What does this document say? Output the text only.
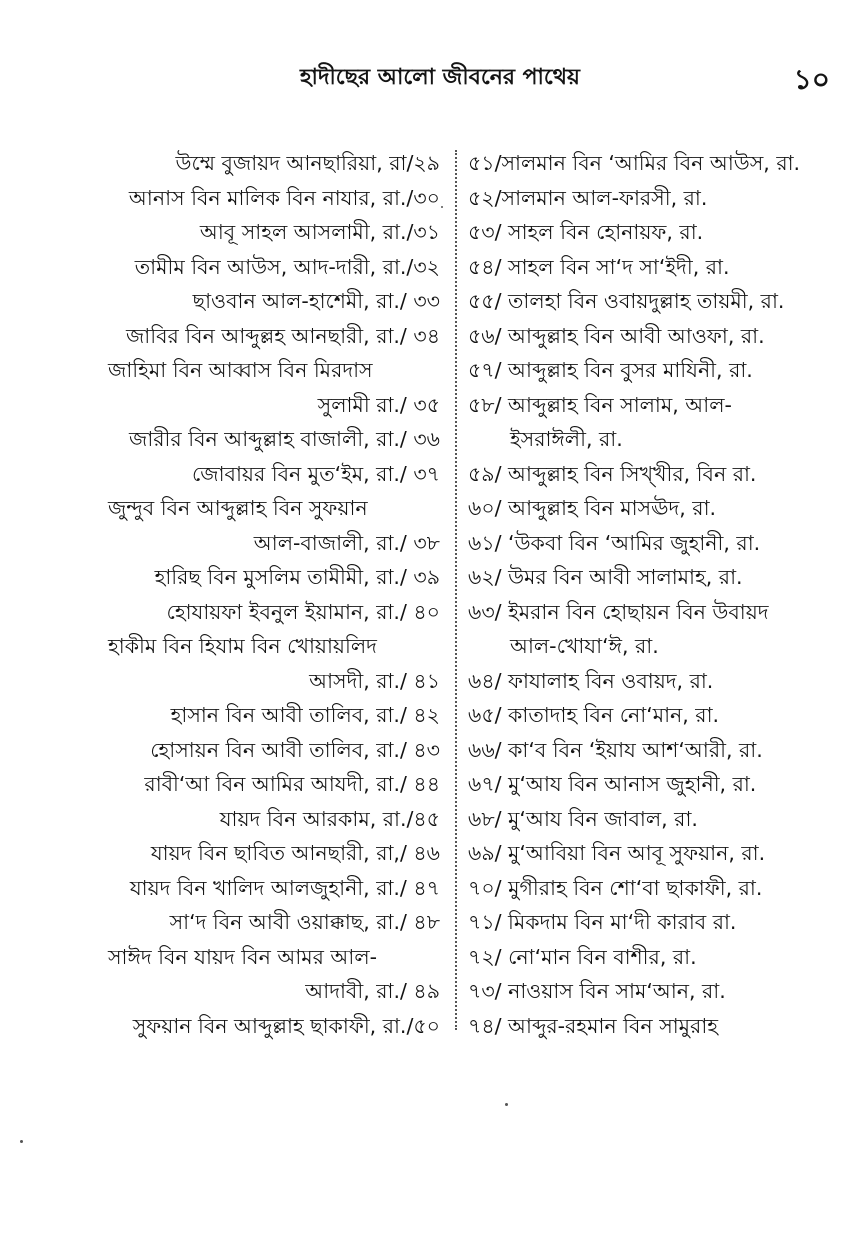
হাদীছের আলো জীবনের পাথেয়	১০
উম্মে বুজায়দ আনছারিয়া, রা/২৯
আনাস বিন মালিক বিন নাযার, রা./৩০
আবূ সাহল আসলামী, রা./৩১
তামীম বিন আউস, আদ-দারী, রা./৩২
ছাওবান আল-হাশেমী, রা./ ৩৩
জাবির বিন আব্দুল্লহ আনছারী, রা./ ৩৪
জাহিমা বিন আব্বাস বিন মিরদাস
সুলামী রা./ ৩৫
জারীর বিন আব্দুল্লাহ বাজালী, রা./ ৩৬
জোবায়র বিন মুত‘ইম, রা./ ৩৭
জুন্দুব বিন আব্দুল্লাহ বিন সুফয়ান
আল-বাজালী, রা./ ৩৮
হারিছ বিন মুসলিম তামীমী, রা./ ৩৯
হোযায়ফা ইবনুল ইয়ামান, রা./ ৪০
হাকীম বিন হিযাম বিন খোয়ায়লিদ
আসদী, রা./ ৪১
হাসান বিন আবী তালিব, রা./ ৪২
হোসায়ন বিন আবী তালিব, রা./ ৪৩
রাবী‘আ বিন আমির আযদী, রা./ ৪৪
যায়দ বিন আরকাম, রা./৪৫
যায়দ বিন ছাবিত আনছারী, রা,/ ৪৬
যায়দ বিন খালিদ আলজুহানী, রা./ ৪৭
সা‘দ বিন আবী ওয়াক্কাছ, রা./ ৪৮
সাঈদ বিন যায়দ বিন আমর আল-
আদাবী, রা./ ৪৯
সুফয়ান বিন আব্দুল্লাহ ছাকাফী, রা./৫০
৫১/সালমান বিন ‘আমির বিন আউস, রা.
৫২/সালমান আল-ফারসী, রা.
৫৩/ সাহল বিন হোনায়ফ, রা.
৫৪/ সাহল বিন সা‘দ সা‘ইদী, রা.
৫৫/ তালহা বিন ওবায়দুল্লাহ তায়মী, রা.
৫৬/ আব্দুল্লাহ বিন আবী আওফা, রা.
৫৭/ আব্দুল্লাহ বিন বুসর মাযিনী, রা.
৫৮/ আব্দুল্লাহ বিন সালাম, আল-
ইসরাঈলী, রা.
৫৯/ আব্দুল্লাহ বিন সিখ্খীর, বিন রা.
৬০/ আব্দুল্লাহ বিন মাসঊদ, রা.
৬১/ ‘উকবা বিন ‘আমির জুহানী, রা.
৬২/ উমর বিন আবী সালামাহ, রা.
৬৩/ ইমরান বিন হোছায়ন বিন উবায়দ
আল-খোযা‘ঈ, রা.
৬৪/ ফাযালাহ বিন ওবায়দ, রা.
৬৫/ কাতাদাহ বিন নো‘মান, রা.
৬৬/ কা‘ব বিন ‘ইয়ায আশ‘আরী, রা.
৬৭/ মু‘আয বিন আনাস জুহানী, রা.
৬৮/ মু‘আয বিন জাবাল, রা.
৬৯/ মু‘আবিয়া বিন আবূ সুফয়ান, রা.
৭০/ মুগীরাহ বিন শো‘বা ছাকাফী, রা.
৭১/ মিকদাম বিন মা‘দী কারাব রা.
৭২/ নো‘মান বিন বাশীর, রা.
৭৩/ নাওয়াস বিন সাম‘আন, রা.
৭৪/ আব্দুর-রহমান বিন সামুরাহ
